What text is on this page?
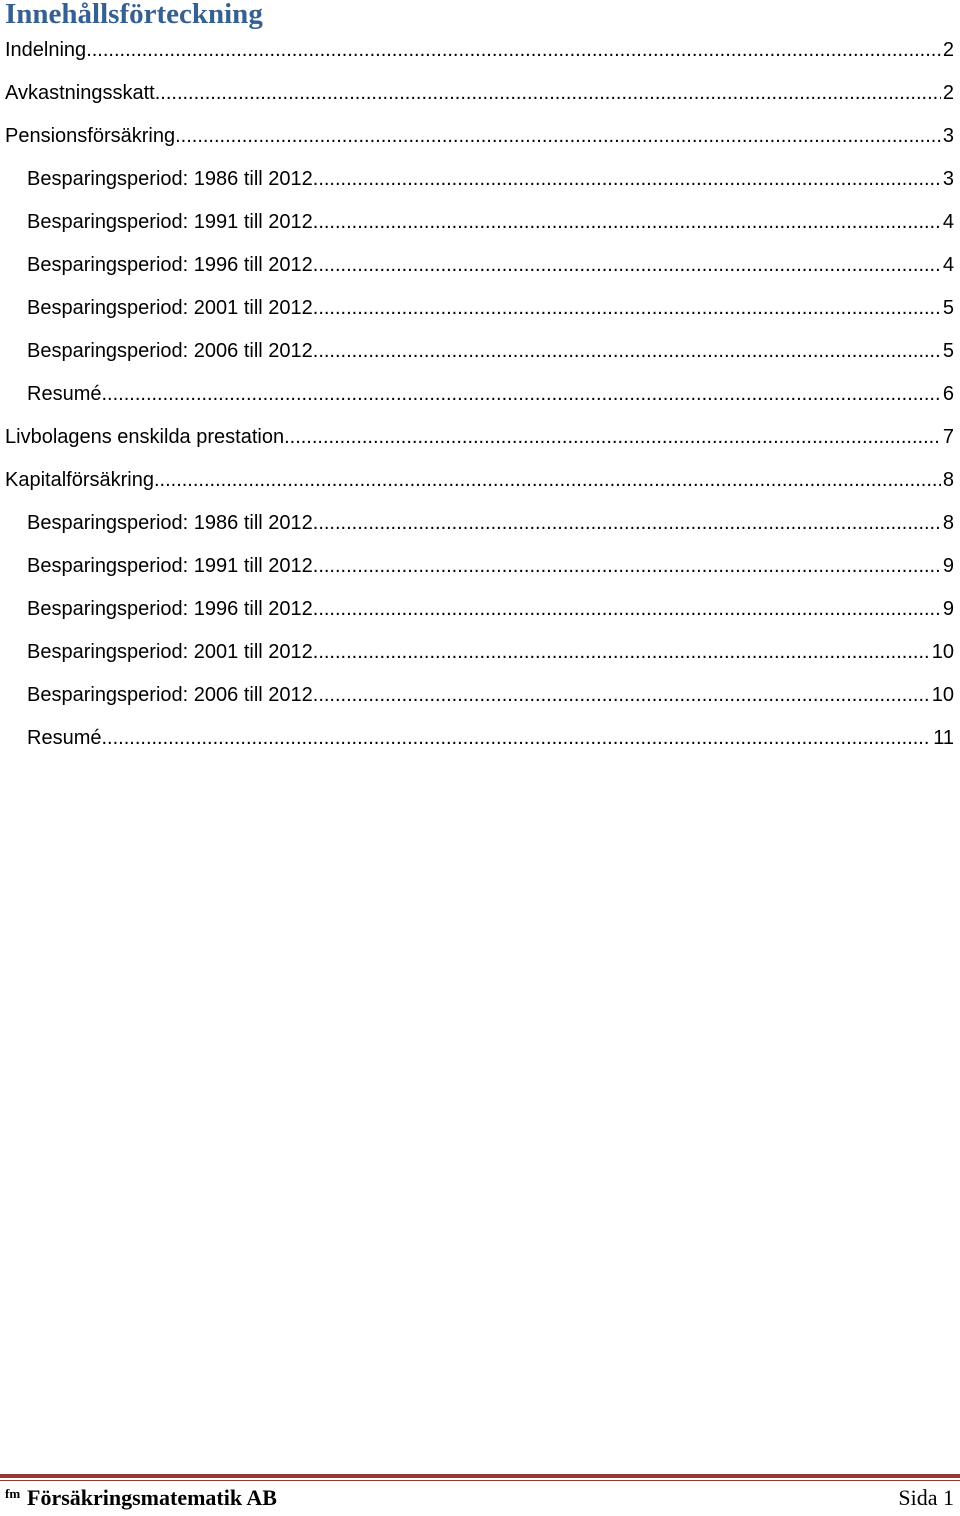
Innehållsförteckning
Indelning .....	2
Avkastningsskatt .....	2
Pensionsförsäkring .....	3
Besparingsperiod: 1986 till 2012 .....	3
Besparingsperiod: 1991 till 2012 .....	4
Besparingsperiod: 1996 till 2012 .....	4
Besparingsperiod: 2001 till 2012 .....	5
Besparingsperiod: 2006 till 2012 .....	5
Resumé .....	6
Livbolagens enskilda prestation .....	7
Kapitalförsäkring .....	8
Besparingsperiod: 1986 till 2012 .....	8
Besparingsperiod: 1991 till 2012 .....	9
Besparingsperiod: 1996 till 2012 .....	9
Besparingsperiod: 2001 till 2012 .....	10
Besparingsperiod: 2006 till 2012 .....	10
Resumé .....	11
fm Försäkringsmatematik AB	Sida 1
